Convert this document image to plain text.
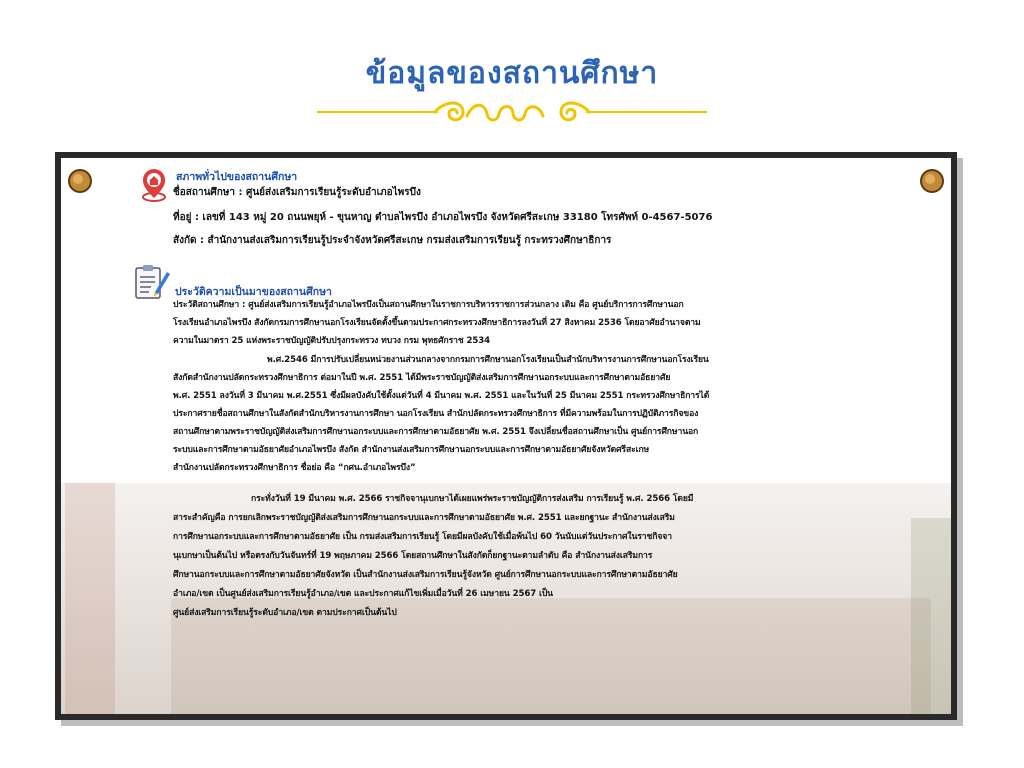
ข้อมูลของสถานศึกษา
สภาพทั่วไปของสถานศึกษา
ชื่อสถานศึกษา : ศูนย์ส่งเสริมการเรียนรู้ระดับอำเภอไพรบึง
ที่อยู่ : เลขที่ 143 หมู่ 20 ถนนพยุห์ - ขุนหาญ ตำบลไพรบึง อำเภอไพรบึง จังหวัดศรีสะเกษ 33180 โทรศัพท์ 0-4567-5076
สังกัด : สำนักงานส่งเสริมการเรียนรู้ประจำจังหวัดศรีสะเกษ กรมส่งเสริมการเรียนรู้ กระทรวงศึกษาธิการ
ประวัติความเป็นมาของสถานศึกษา
ประวัติสถานศึกษา : ศูนย์ส่งเสริมการเรียนรู้อำเภอไพรบึงเป็นสถานศึกษาในราชการบริหารราชการส่วนกลาง เดิม คือ ศูนย์บริการการศึกษานอก
โรงเรียนอำเภอไพรบึง สังกัดกรมการศึกษานอกโรงเรียนจัดตั้งขึ้นตามประกาศกระทรวงศึกษาธิการลงวันที่ 27 สิงหาคม 2536 โดยอาศัยอำนาจตาม
ความในมาตรา 25 แห่งพระราชบัญญัติปรับปรุงกระทรวง ทบวง กรม พุทธศักราช 2534
พ.ศ.2546 มีการปรับเปลี่ยนหน่วยงานส่วนกลางจากกรมการศึกษานอกโรงเรียนเป็นสำนักบริหารงานการศึกษานอกโรงเรียน
สังกัดสำนักงานปลัดกระทรวงศึกษาธิการ ต่อมาในปี พ.ศ. 2551 ได้มีพระราชบัญญัติส่งเสริมการศึกษานอกระบบและการศึกษาตามอัธยาศัย
พ.ศ. 2551 ลงวันที่ 3 มีนาคม พ.ศ.2551 ซึ่งมีผลบังคับใช้ตั้งแต่วันที่ 4 มีนาคม พ.ศ. 2551 และในวันที่ 25 มีนาคม 2551 กระทรวงศึกษาธิการได้
ประกาศรายชื่อสถานศึกษาในสังกัดสำนักบริหารงานการศึกษา นอกโรงเรียน สำนักปลัดกระทรวงศึกษาธิการ ที่มีความพร้อมในการปฏิบัติภารกิจของ
สถานศึกษาตามพระราชบัญญัติส่งเสริมการศึกษานอกระบบและการศึกษาตามอัธยาศัย พ.ศ. 2551 จึงเปลี่ยนชื่อสถานศึกษาเป็น ศูนย์การศึกษานอก
ระบบและการศึกษาตามอัธยาศัยอำเภอไพรบึง สังกัด สำนักงานส่งเสริมการศึกษานอกระบบและการศึกษาตามอัธยาศัยจังหวัดศรีสะเกษ
สำนักงานปลัดกระทรวงศึกษาธิการ ชื่อย่อ คือ “กศน.อำเภอไพรบึง”
กระทั่งวันที่ 19 มีนาคม พ.ศ. 2566 ราชกิจจานุเบกษาได้เผยแพร่พระราชบัญญัติการส่งเสริม การเรียนรู้ พ.ศ. 2566 โดยมี
สาระสำคัญคือ การยกเลิกพระราชบัญญัติส่งเสริมการศึกษานอกระบบและการศึกษาตามอัธยาศัย พ.ศ. 2551 และยกฐานะ สำนักงานส่งเสริม
การศึกษานอกระบบและการศึกษาตามอัธยาศัย เป็น กรมส่งเสริมการเรียนรู้ โดยมีผลบังคับใช้เมื่อพ้นไป 60 วันนับแต่วันประกาศในราชกิจจา
นุเบกษาเป็นต้นไป หรือตรงกับวันจันทร์ที่ 19 พฤษภาคม 2566 โดยสถานศึกษาในสังกัดก็ยกฐานะตามลำดับ คือ สำนักงานส่งเสริมการ
ศึกษานอกระบบและการศึกษาตามอัธยาศัยจังหวัด เป็นสำนักงานส่งเสริมการเรียนรู้จังหวัด ศูนย์การศึกษานอกระบบและการศึกษาตามอัธยาศัย
อำเภอ/เขต เป็นศูนย์ส่งเสริมการเรียนรู้อำเภอ/เขต และประกาศแก้ไขเพิ่มเมื่อวันที่ 26 เมษายน 2567 เป็น
ศูนย์ส่งเสริมการเรียนรู้ระดับอำเภอ/เขต ตามประกาศเป็นต้นไป
